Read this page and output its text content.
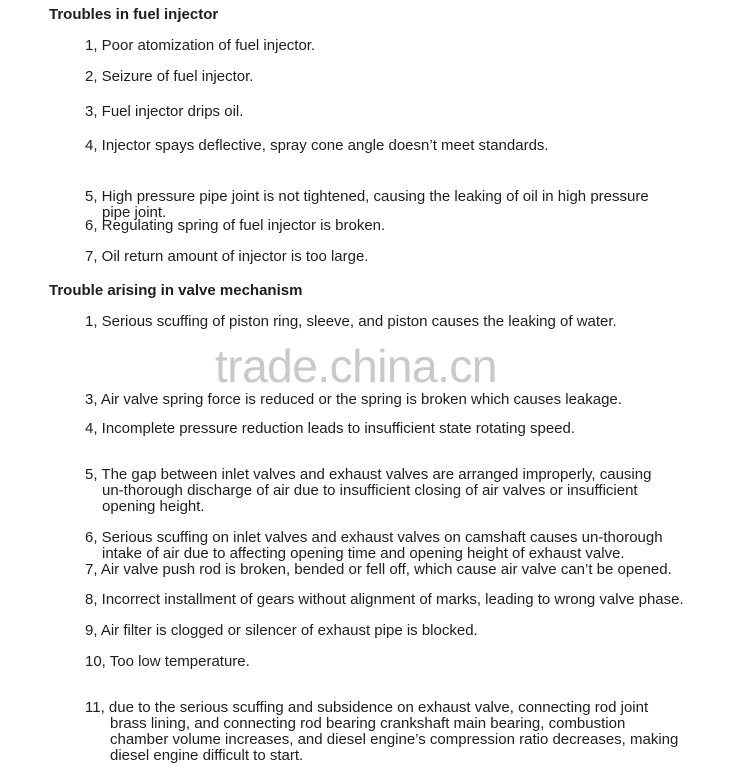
Troubles in fuel injector

1, Poor atomization of fuel injector.

2, Seizure of fuel injector.

3, Fuel injector drips oil.

4, Injector spays deflective, spray cone angle doesn’t meet standards.

5, High pressure pipe joint is not tightened, causing the leaking of oil in high pressure
pipe joint.

6, Regulating spring of fuel injector is broken.

7, Oil return amount of injector is too large.

Trouble arising in valve mechanism

1, Serious scuffing of piston ring, sleeve, and piston causes the leaking of water.

trade.china.cn

3, Air valve spring force is reduced or the spring is broken which causes leakage.

4, Incomplete pressure reduction leads to insufficient state rotating speed.

5, The gap between inlet valves and exhaust valves are arranged improperly, causing
un-thorough discharge of air due to insufficient closing of air valves or insufficient
opening height.

6, Serious scuffing on inlet valves and exhaust valves on camshaft causes un-thorough
intake of air due to affecting opening time and opening height of exhaust valve.

7, Air valve push rod is broken, bended or fell off, which cause air valve can’t be opened.

8, Incorrect installment of gears without alignment of marks, leading to wrong valve phase.

9, Air filter is clogged or silencer of exhaust pipe is blocked.

10, Too low temperature.

11, due to the serious scuffing and subsidence on exhaust valve, connecting rod joint
brass lining, and connecting rod bearing crankshaft main bearing, combustion
chamber volume increases, and diesel engine’s compression ratio decreases, making
diesel engine difficult to start.
